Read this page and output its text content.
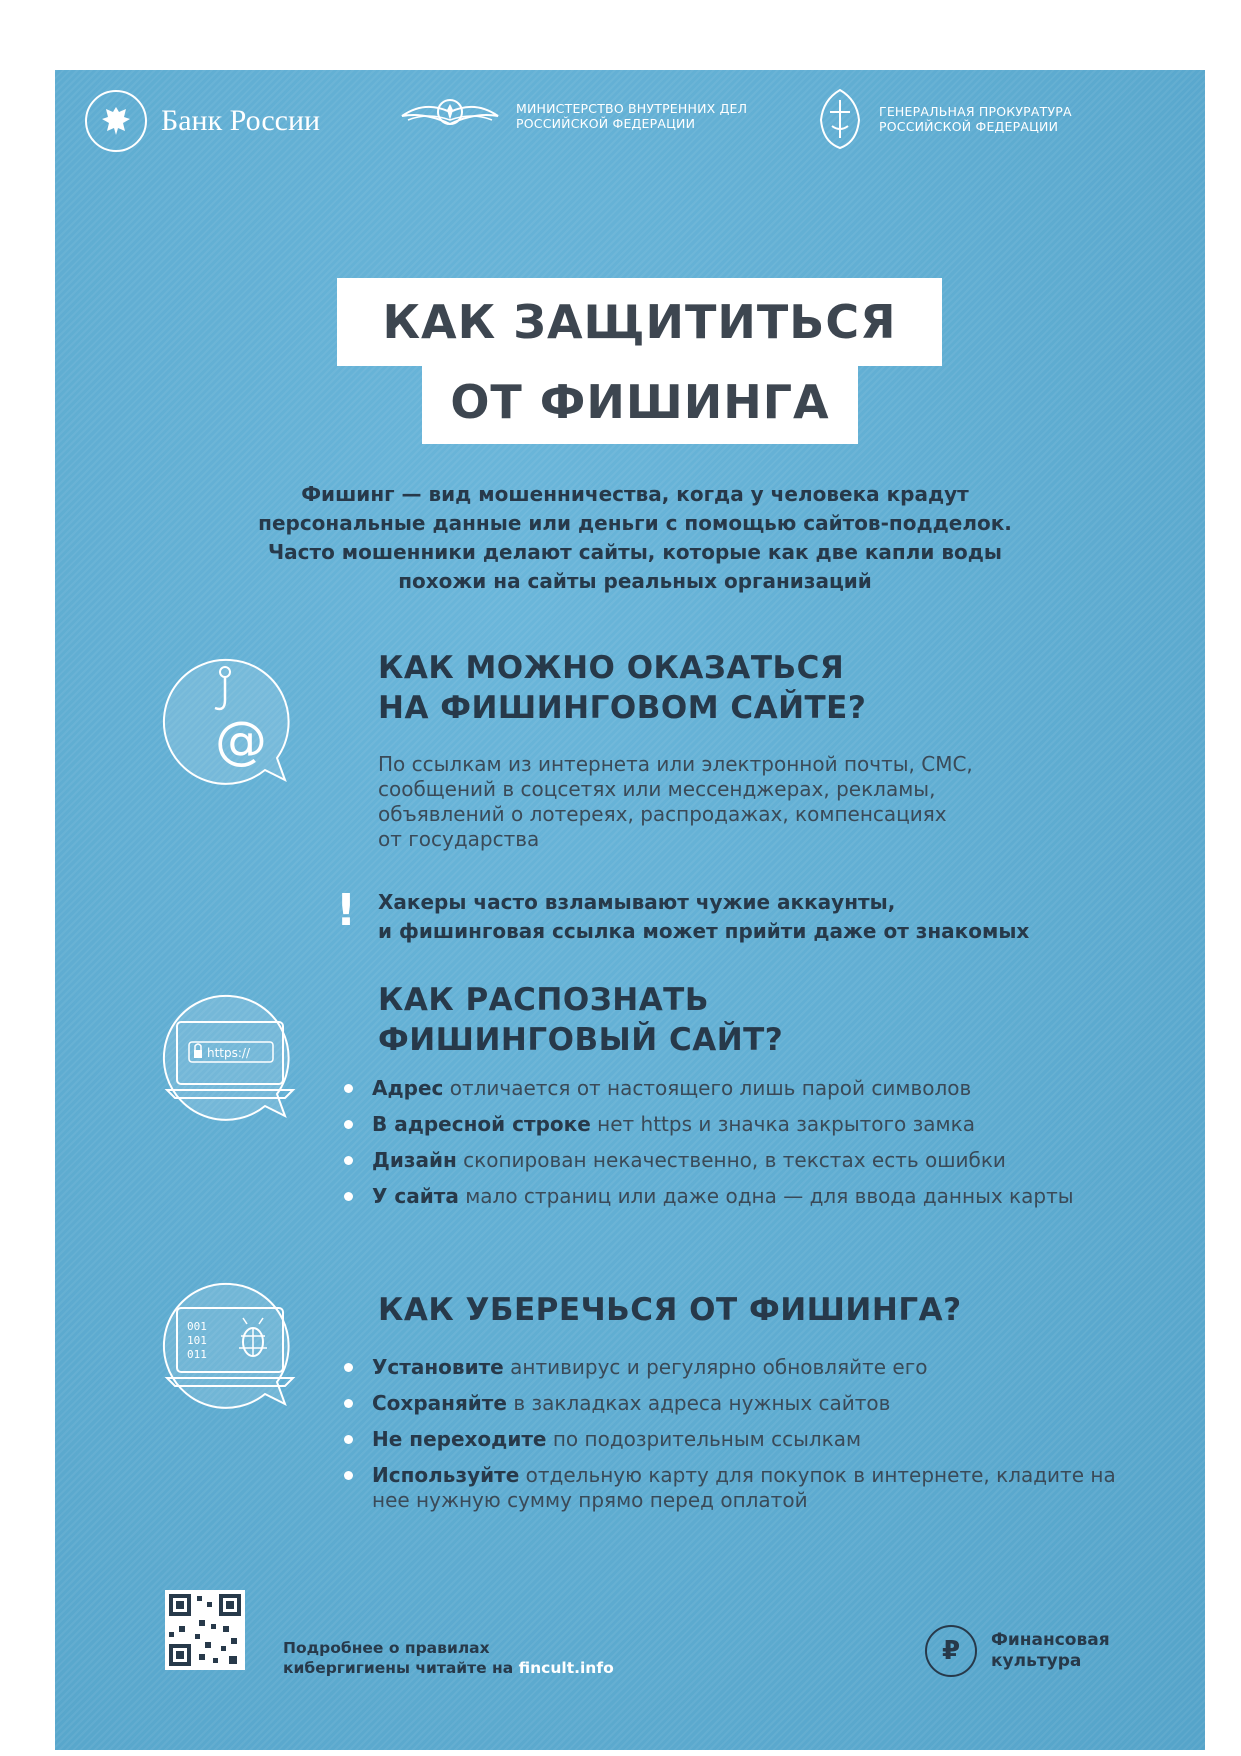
Банк России	МИНИСТЕРСТВО ВНУТРЕННИХ ДЕЛ
РОССИЙСКОЙ ФЕДЕРАЦИИ
ГЕНЕРАЛЬНАЯ ПРОКУРАТУРА
РОССИЙСКОЙ ФЕДЕРАЦИИ
КАК ЗАЩИТИТЬСЯ
ОТ ФИШИНГА
Фишинг — вид мошенничества, когда у человека крадут
персональные данные или деньги с помощью сайтов-подделок.
Часто мошенники делают сайты, которые как две капли воды
похожи на сайты реальных организаций
@
КАК МОЖНО ОКАЗАТЬСЯ
НА ФИШИНГОВОМ САЙТЕ?
По ссылкам из интернета или электронной почты, СМС,
сообщений в соцсетях или мессенджерах, рекламы,
объявлений о лотереях, распродажах, компенсациях
от государства
! Хакеры часто взламывают чужие аккаунты,
и фишинговая ссылка может прийти даже от знакомых
https://
КАК РАСПОЗНАТЬ
ФИШИНГОВЫЙ САЙТ?
Адрес отличается от настоящего лишь парой символов
В адресной строке нет https и значка закрытого замка
Дизайн скопирован некачественно, в текстах есть ошибки
У сайта мало страниц или даже одна — для ввода данных карты
001
101
011
КАК УБЕРЕЧЬСЯ ОТ ФИШИНГА?
Установите антивирус и регулярно обновляйте его
Сохраняйте в закладках адреса нужных сайтов
Не переходите по подозрительным ссылкам
Используйте отдельную карту для покупок в интернете, кладите на нее нужную сумму прямо перед оплатой
Подробнее о правилах
кибергигиены читайте на fincult.info
₽ Финансовая
культура
